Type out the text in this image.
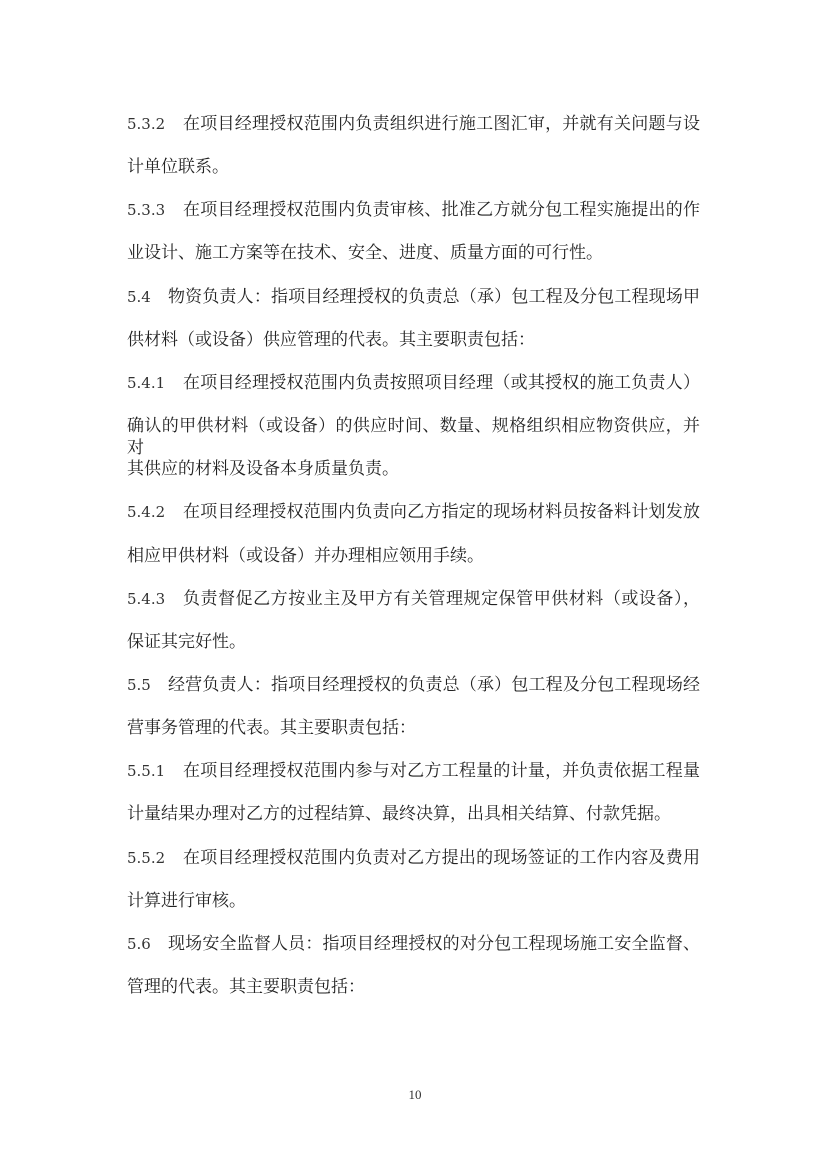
5.3.2 在项目经理授权范围内负责组织进行施工图汇审，并就有关问题与设
计单位联系。
5.3.3 在项目经理授权范围内负责审核、批准乙方就分包工程实施提出的作
业设计、施工方案等在技术、安全、进度、质量方面的可行性。
5.4 物资负责人：指项目经理授权的负责总（承）包工程及分包工程现场甲
供材料（或设备）供应管理的代表。其主要职责包括：
5.4.1 在项目经理授权范围内负责按照项目经理（或其授权的施工负责人）
确认的甲供材料（或设备）的供应时间、数量、规格组织相应物资供应，并对
其供应的材料及设备本身质量负责。
5.4.2 在项目经理授权范围内负责向乙方指定的现场材料员按备料计划发放
相应甲供材料（或设备）并办理相应领用手续。
5.4.3 负责督促乙方按业主及甲方有关管理规定保管甲供材料（或设备），
保证其完好性。
5.5 经营负责人：指项目经理授权的负责总（承）包工程及分包工程现场经
营事务管理的代表。其主要职责包括：
5.5.1 在项目经理授权范围内参与对乙方工程量的计量，并负责依据工程量
计量结果办理对乙方的过程结算、最终决算，出具相关结算、付款凭据。
5.5.2 在项目经理授权范围内负责对乙方提出的现场签证的工作内容及费用
计算进行审核。
5.6 现场安全监督人员：指项目经理授权的对分包工程现场施工安全监督、
管理的代表。其主要职责包括：
10
